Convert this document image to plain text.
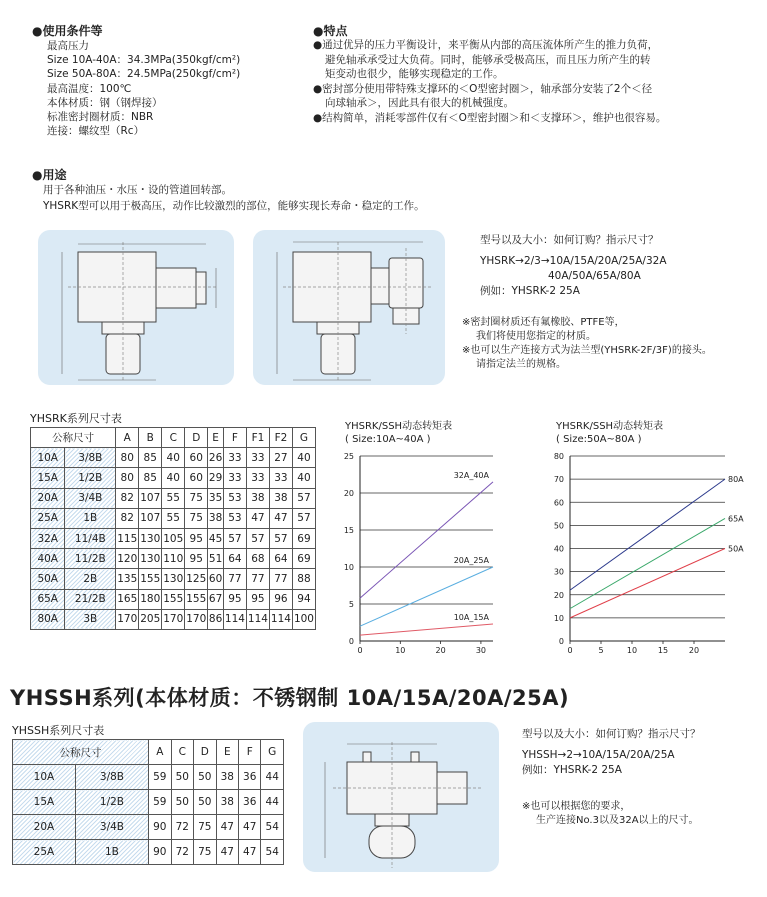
●使用条件等
最高压力
Size 10A-40A：34.3MPa(350kgf/cm²)
Size 50A-80A：24.5MPa(250kgf/cm²)
最高温度：100℃
本体材质：钢（钢焊接）
标准密封圈材质：NBR
连接：螺纹型（Rc）
●特点
●通过优异的压力平衡设计，来平衡从内部的高压流体所产生的推力负荷，
避免轴承承受过大负荷。同时，能够承受极高压，而且压力所产生的转
矩变动也很少，能够实现稳定的工作。
●密封部分使用带特殊支撑环的＜O型密封圈＞，轴承部分安装了2个＜径
向球轴承＞，因此具有很大的机械强度。
●结构简单，消耗零部件仅有＜O型密封圈＞和＜支撑环＞，维护也很容易。
●用途
用于各种油压・水压・设的管道回转部。
YHSRK型可以用于极高压，动作比较激烈的部位，能够实现长寿命・稳定的工作。
型号以及大小：如何订购？指示尺寸？
YHSRK→2/3→10A/15A/20A/25A/32A
40A/50A/65A/80A
例如：YHSRK-2 25A
※密封圈材质还有氟橡胶、PTFE等，
我们将使用您指定的材质。
※也可以生产连接方式为法兰型(YHSRK-2F/3F)的接头。
请指定法兰的规格。
YHSRK系列尺寸表
公称尺寸		A	B	C	D	E	F	F1	F2	G
10A	3/8B	80	85	40	60	26	33	33	27	40
15A	1/2B	80	85	40	60	29	33	33	33	40
20A	3/4B	82	107	55	75	35	53	38	38	57
25A	1B	82	107	55	75	38	53	47	47	57
32A	11/4B	115	130	105	95	45	57	57	57	69
40A	11/2B	120	130	110	95	51	64	68	64	69
50A	2B	135	155	130	125	60	77	77	77	88
65A	21/2B	165	180	155	155	67	95	95	96	94
80A	3B	170	205	170	170	86	114	114	114	100
YHSRK/SSH动态转矩表
( Size:10A~40A )
0
5
10
15
20
25
0	10	20	30
32A_40A
20A_25A
10A_15A
YHSRK/SSH动态转矩表
( Size:50A~80A )
0
10
20
30
40
50
60
70
80
0	5	10	15	20
80A
65A
50A
YHSSH系列(本体材质：不锈钢制 10A/15A/20A/25A)
YHSSH系列尺寸表
公称尺寸		A	C	D	E	F	G
10A	3/8B	59	50	50	38	36	44
15A	1/2B	59	50	50	38	36	44
20A	3/4B	90	72	75	47	47	54
25A	1B	90	72	75	47	47	54
型号以及大小：如何订购？指示尺寸？
YHSSH→2→10A/15A/20A/25A
例如：YHSRK-2 25A
※也可以根据您的要求，
生产连接No.3以及32A以上的尺寸。
